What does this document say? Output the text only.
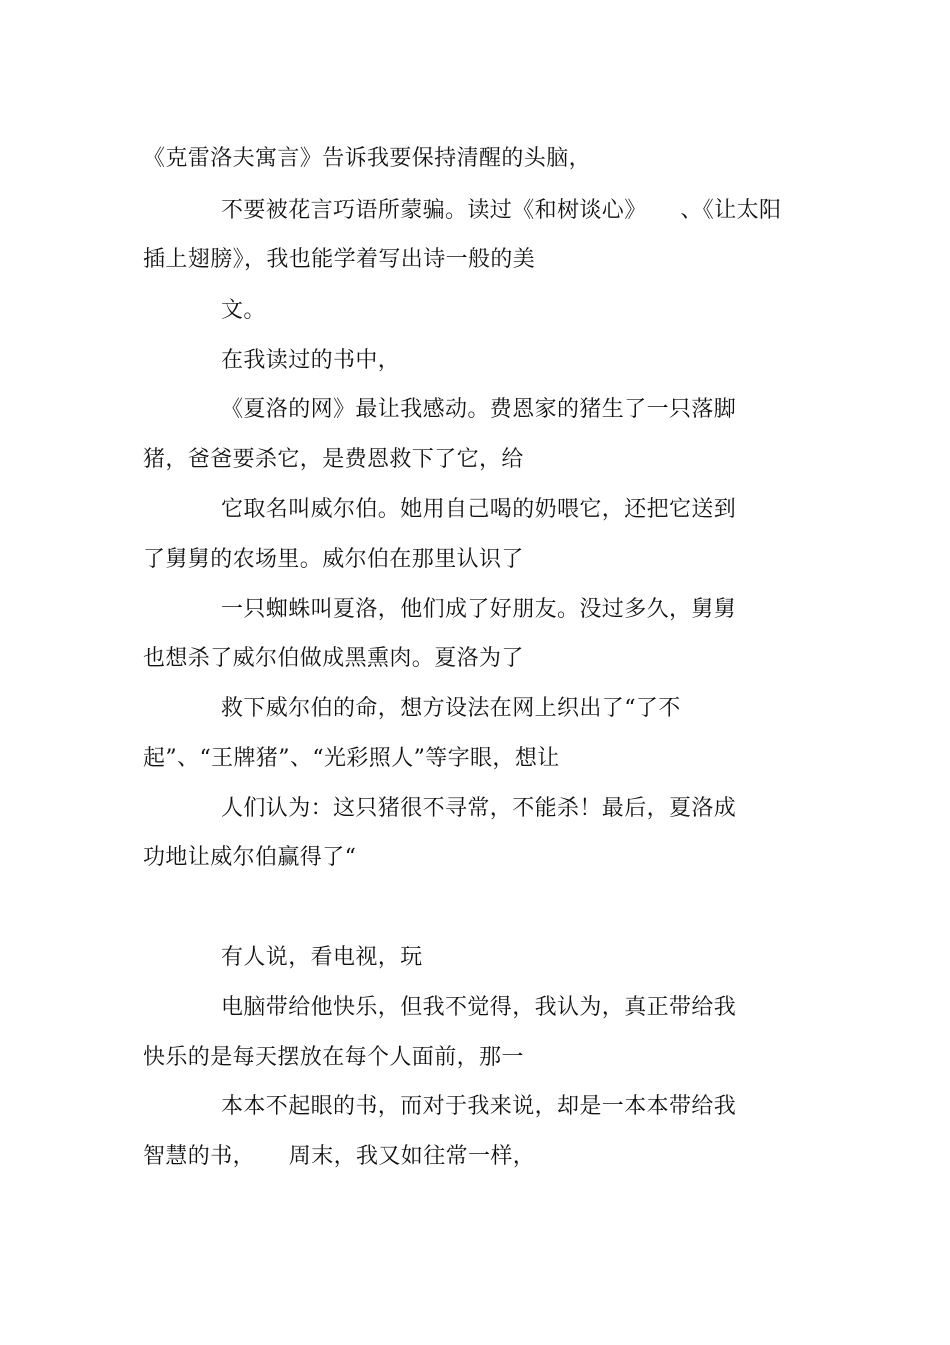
《克雷洛夫寓言》告诉我要保持清醒的头脑，
不要被花言巧语所蒙骗。读过《和树谈心》　　、《让太阳
插上翅膀》，我也能学着写出诗一般的美
文。
在我读过的书中，
《夏洛的网》最让我感动。费恩家的猪生了一只落脚
猪，爸爸要杀它，是费恩救下了它，给
它取名叫威尔伯。她用自己喝的奶喂它，还把它送到
了舅舅的农场里。威尔伯在那里认识了
一只蜘蛛叫夏洛，他们成了好朋友。没过多久，舅舅
也想杀了威尔伯做成黑熏肉。夏洛为了
救下威尔伯的命，想方设法在网上织出了“了不
起”、“王牌猪”、“光彩照人”等字眼，想让
人们认为：这只猪很不寻常，不能杀！最后，夏洛成
功地让威尔伯赢得了“
有人说，看电视，玩
电脑带给他快乐，但我不觉得，我认为，真正带给我
快乐的是每天摆放在每个人面前，那一
本本不起眼的书，而对于我来说，却是一本本带给我
智慧的书，　　周末，我又如往常一样，
